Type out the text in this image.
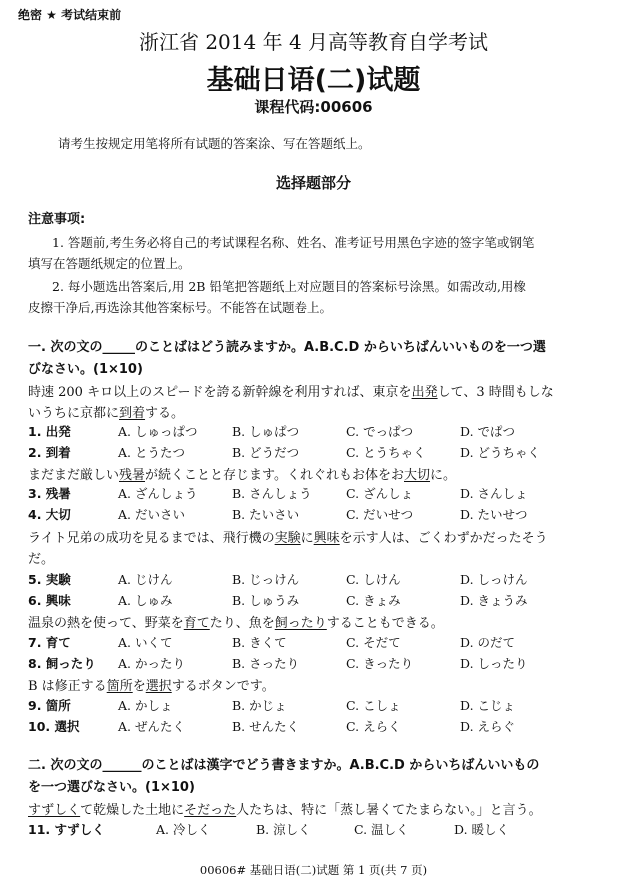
绝密 ★ 考试结束前
浙江省 2014 年 4 月高等教育自学考试
基础日语(二)试题
课程代码:00606
请考生按规定用笔将所有试题的答案涂、写在答题纸上。
选择题部分
注意事项:
1. 答题前,考生务必将自己的考试课程名称、姓名、准考证号用黑色字迹的签字笔或钢笔
填写在答题纸规定的位置上。
2. 每小题选出答案后,用 2B 铅笔把答题纸上对应题目的答案标号涂黑。如需改动,用橡
皮擦干净后,再选涂其他答案标号。不能答在试题卷上。
一. 次の文の_____のことばはどう読みますか。A.B.C.D からいちばんいいものを一つ選
びなさい。(1×10)
時速 200 キロ以上のスピードを誇る新幹線を利用すれば、東京を出発して、3 時間もしな
いうちに京都に到着する。
1. 出発	A. しゅっぱつ	B. しゅぱつ	C. でっぱつ	D. でぱつ
2. 到着	A. とうたつ	B. どうだつ	C. とうちゃく	D. どうちゃく
まだまだ厳しい残暑が続くことと存じます。くれぐれもお体をお大切に。
3. 残暑	A. ざんしょう	B. さんしょう	C. ざんしょ	D. さんしょ
4. 大切	A. だいさい	B. たいさい	C. だいせつ	D. たいせつ
ライト兄弟の成功を見るまでは、飛行機の実験に興味を示す人は、ごくわずかだったそう
だ。
5. 実験	A. じけん	B. じっけん	C. しけん	D. しっけん
6. 興味	A. しゅみ	B. しゅうみ	C. きょみ	D. きょうみ
温泉の熱を使って、野菜を育てたり、魚を飼ったりすることもできる。
7. 育て	A. いくて	B. きくて	C. そだて	D. のだて
8. 飼ったり A. かったり	B. さったり	C. きったり	D. しったり
B は修正する箇所を選択するボタンです。
9. 箇所	A. かしょ	B. かじょ	C. こしょ	D. こじょ
10. 選択	A. ぜんたく	B. せんたく	C. えらく	D. えらぐ
二. 次の文の______のことばは漢字でどう書きますか。A.B.C.D からいちばんいいもの
を一つ選びなさい。(1×10)
すずしくて乾燥した土地にそだった人たちは、特に「蒸し暑くてたまらない。」と言う。
11. すずしく	A. 冷しく	B. 涼しく	C. 温しく	D. 暖しく
00606# 基础日语(二)试题 第 1 页(共 7 页)
